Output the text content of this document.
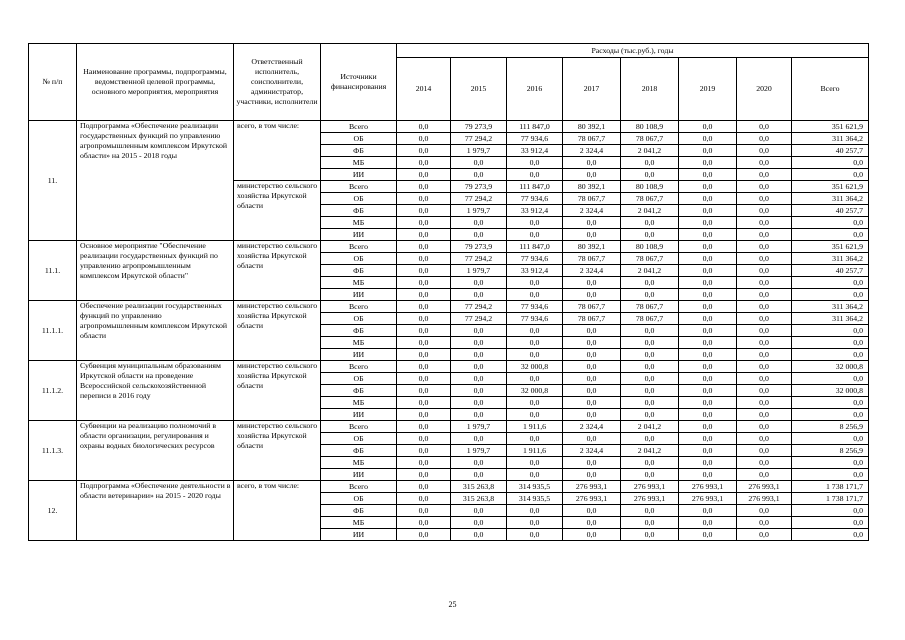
№ п/п	Наименование программы, подпрограммы, ведомственной целевой программы, основного мероприятия, мероприятия	Ответственный исполнитель, соисполнители, администратор, участники, исполнители	Источники финансирования	Расходы (тыс.руб.), годы							
				2014	2015	2016	2017	2018	2019	2020	Всего
11.	Подпрограмма «Обеспечение реализации государственных функций по управлению агропромышленным комплексом Иркутской области» на 2015 - 2018 годы	всего, в том числе:	Всего	0,0	79 273,9	111 847,0	80 392,1	80 108,9	0,0	0,0	351 621,9
			ОБ	0,0	77 294,2	77 934,6	78 067,7	78 067,7	0,0	0,0	311 364,2
			ФБ	0,0	1 979,7	33 912,4	2 324,4	2 041,2	0,0	0,0	40 257,7
			МБ	0,0	0,0	0,0	0,0	0,0	0,0	0,0	0,0
			ИИ	0,0	0,0	0,0	0,0	0,0	0,0	0,0	0,0
		министерство сельского хозяйства Иркутской области	Всего	0,0	79 273,9	111 847,0	80 392,1	80 108,9	0,0	0,0	351 621,9
			ОБ	0,0	77 294,2	77 934,6	78 067,7	78 067,7	0,0	0,0	311 364,2
			ФБ	0,0	1 979,7	33 912,4	2 324,4	2 041,2	0,0	0,0	40 257,7
			МБ	0,0	0,0	0,0	0,0	0,0	0,0	0,0	0,0
			ИИ	0,0	0,0	0,0	0,0	0,0	0,0	0,0	0,0
11.1.	Основное мероприятие "Обеспечение реализации государственных функций по управлению агропромышленным комплексом Иркутской области"	министерство сельского хозяйства Иркутской области	Всего	0,0	79 273,9	111 847,0	80 392,1	80 108,9	0,0	0,0	351 621,9
			ОБ	0,0	77 294,2	77 934,6	78 067,7	78 067,7	0,0	0,0	311 364,2
			ФБ	0,0	1 979,7	33 912,4	2 324,4	2 041,2	0,0	0,0	40 257,7
			МБ	0,0	0,0	0,0	0,0	0,0	0,0	0,0	0,0
			ИИ	0,0	0,0	0,0	0,0	0,0	0,0	0,0	0,0
11.1.1.	Обеспечение реализации государственных функций по управлению агропромышленным комплексом Иркутской области	министерство сельского хозяйства Иркутской области	Всего	0,0	77 294,2	77 934,6	78 067,7	78 067,7	0,0	0,0	311 364,2
			ОБ	0,0	77 294,2	77 934,6	78 067,7	78 067,7	0,0	0,0	311 364,2
			ФБ	0,0	0,0	0,0	0,0	0,0	0,0	0,0	0,0
			МБ	0,0	0,0	0,0	0,0	0,0	0,0	0,0	0,0
			ИИ	0,0	0,0	0,0	0,0	0,0	0,0	0,0	0,0
11.1.2.	Субвенция муниципальным образованиям Иркутской области на проведение Всероссийской сельскохозяйственной переписи в 2016 году	министерство сельского хозяйства Иркутской области	Всего	0,0	0,0	32 000,8	0,0	0,0	0,0	0,0	32 000,8
			ОБ	0,0	0,0	0,0	0,0	0,0	0,0	0,0	0,0
			ФБ	0,0	0,0	32 000,8	0,0	0,0	0,0	0,0	32 000,8
			МБ	0,0	0,0	0,0	0,0	0,0	0,0	0,0	0,0
			ИИ	0,0	0,0	0,0	0,0	0,0	0,0	0,0	0,0
11.1.3.	Субвенции на реализацию полномочий в области организации, регулирования и охраны водных биологических ресурсов	министерство сельского хозяйства Иркутской области	Всего	0,0	1 979,7	1 911,6	2 324,4	2 041,2	0,0	0,0	8 256,9
			ОБ	0,0	0,0	0,0	0,0	0,0	0,0	0,0	0,0
			ФБ	0,0	1 979,7	1 911,6	2 324,4	2 041,2	0,0	0,0	8 256,9
			МБ	0,0	0,0	0,0	0,0	0,0	0,0	0,0	0,0
			ИИ	0,0	0,0	0,0	0,0	0,0	0,0	0,0	0,0
12.	Подпрограмма «Обеспечение деятельности в области ветеринарии» на 2015 - 2020 годы	всего, в том числе:	Всего	0,0	315 263,8	314 935,5	276 993,1	276 993,1	276 993,1	276 993,1	1 738 171,7
			ОБ	0,0	315 263,8	314 935,5	276 993,1	276 993,1	276 993,1	276 993,1	1 738 171,7
			ФБ	0,0	0,0	0,0	0,0	0,0	0,0	0,0	0,0
			МБ	0,0	0,0	0,0	0,0	0,0	0,0	0,0	0,0
			ИИ	0,0	0,0	0,0	0,0	0,0	0,0	0,0	0,0
25
